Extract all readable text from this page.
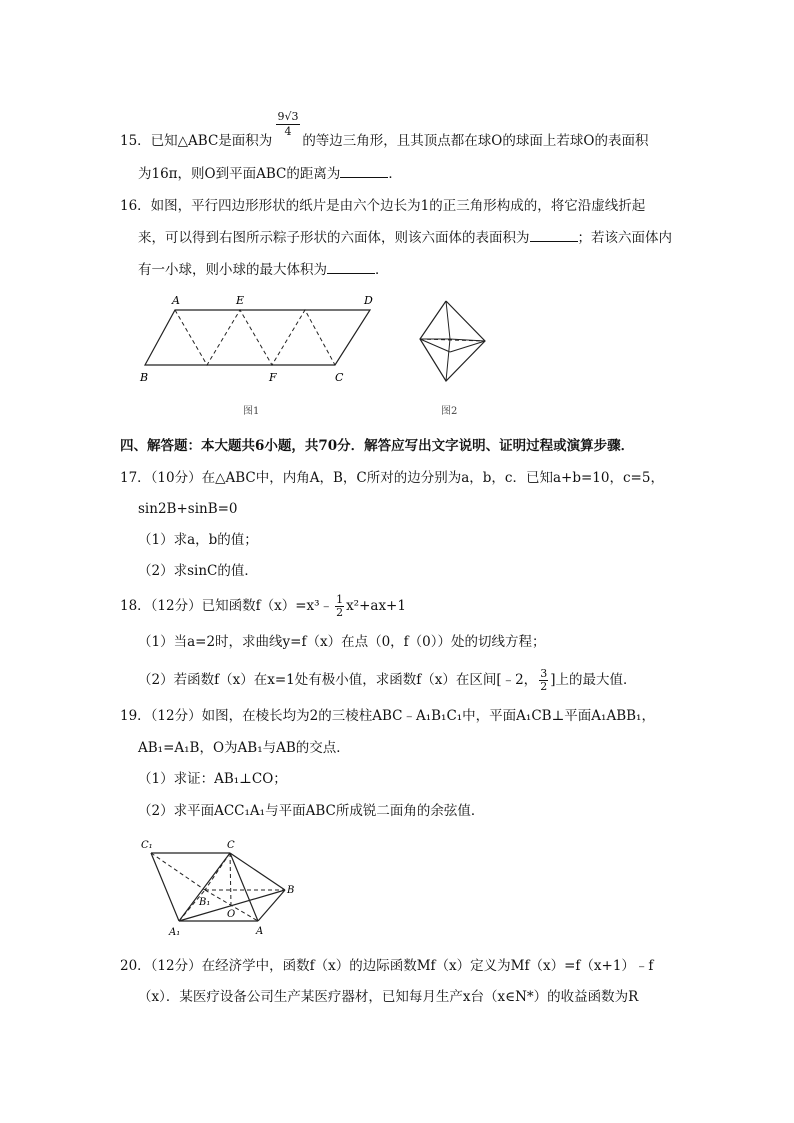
$\frac{9√3}{4}$
15．已知△ABC是面积为 的等边三角形，且其顶点都在球O的球面上若球O的表面积
为16π，则O到平面ABC的距离为	．
16．如图，平行四边形形状的纸片是由六个边长为1的正三角形构成的，将它沿虚线折起
来，可以得到右图所示粽子形状的六面体，则该六面体的表面积为	；若该六面体内
有一小球，则小球的最大体积为	．
A	E	D
B	F	C
图1	图2
四、解答题：本大题共6小题，共70分．解答应写出文字说明、证明过程或演算步骤．
17．（10分）在△ABC中，内角A，B，C所对的边分别为a，b，c．已知a+b=10，c=5，
sin2B+sinB=0
（1）求a，b的值；
（2）求sinC的值．
18．（12分）已知函数f（x）=x³﹣ $\frac{1}{2} x^2+ax+1$
（1）当a=2时，求曲线y=f（x）在点（0，f（0））处的切线方程；
（2）若函数f（x）在x=1处有极小值，求函数f（x）在区间[﹣2， $\frac{3}{2}$ ]上的最大值．
19．（12分）如图，在棱长均为2的三棱柱ABC﹣A₁B₁C₁中，平面A₁CB⊥平面A₁ABB₁，
AB₁=A₁B，O为AB₁与AB的交点．
（1）求证：AB₁⊥CO；
（2）求平面ACC₁A₁与平面ABC所成锐二面角的余弦值．
C₁	C
B
B₁
O
A₁	A
20．（12分）在经济学中，函数f（x）的边际函数Mf（x）定义为Mf（x）=f（x+1）﹣f
（x）．某医疗设备公司生产某医疗器材，已知每月生产x台（x∈N*）的收益函数为R
